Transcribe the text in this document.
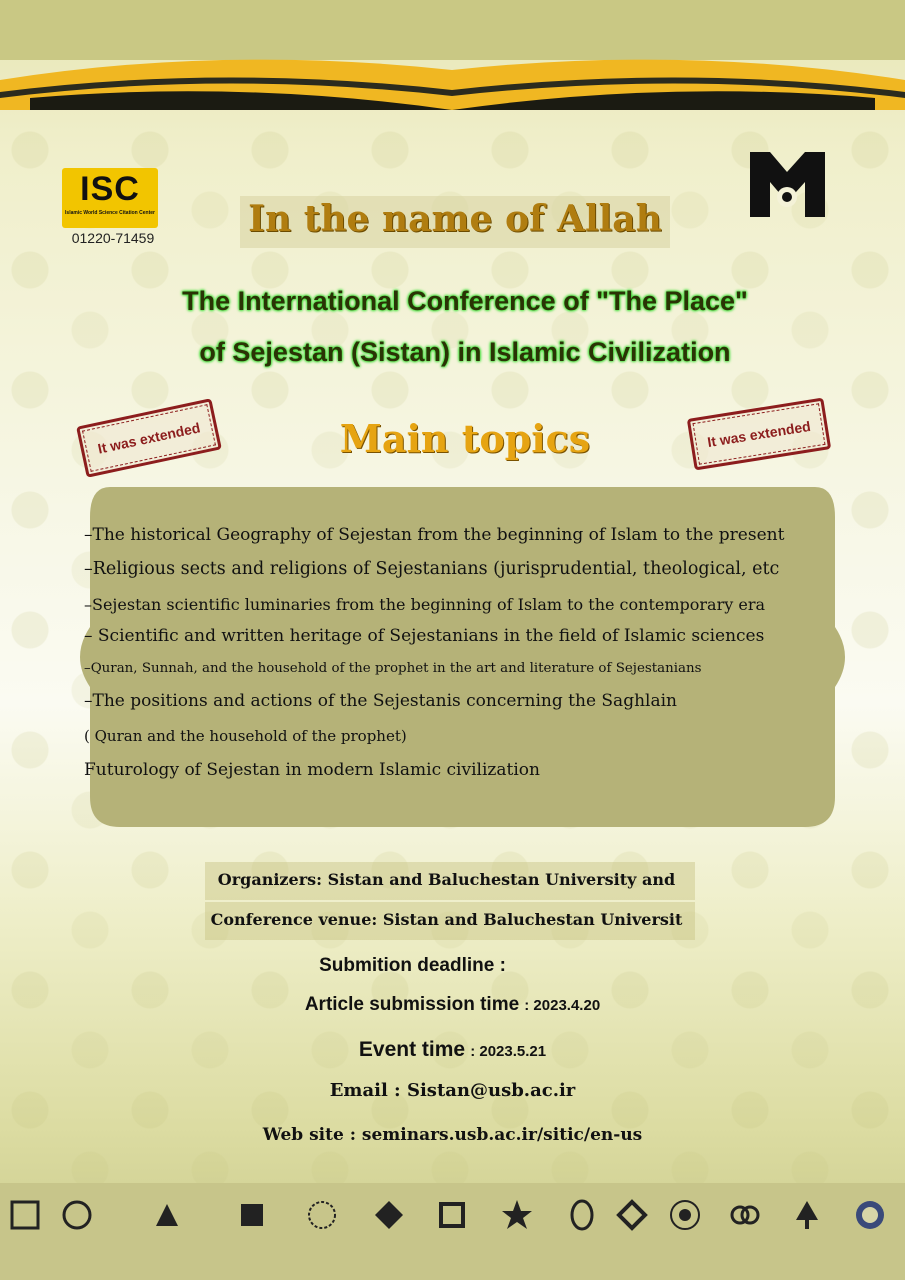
ISC
Islamic World Science Citation Center
01220-71459	In the name of Allah
The International Conference of "The Place"
of Sejestan (Sistan) in Islamic Civilization
It was extended	It was extended
Main topics
–The historical Geography of Sejestan from the beginning of Islam to the present
–Religious sects and religions of Sejestanians (jurisprudential, theological, etc
–Sejestan scientific luminaries from the beginning of Islam to the contemporary era
– Scientific and written heritage of Sejestanians in the field of Islamic sciences
–Quran, Sunnah, and the household of the prophet in the art and literature of Sejestanians
–The positions and actions of the Sejestanis concerning the Saghlain
( Quran and the household of the prophet)
Futurology of Sejestan in modern Islamic civilization
Organizers: Sistan and Baluchestan University and
Conference venue: Sistan and Baluchestan Universit
Submition deadline :
Article submission time : 2023.4.20
Event time : 2023.5.21
Email : Sistan@usb.ac.ir
Web site : seminars.usb.ac.ir/sitic/en-us
